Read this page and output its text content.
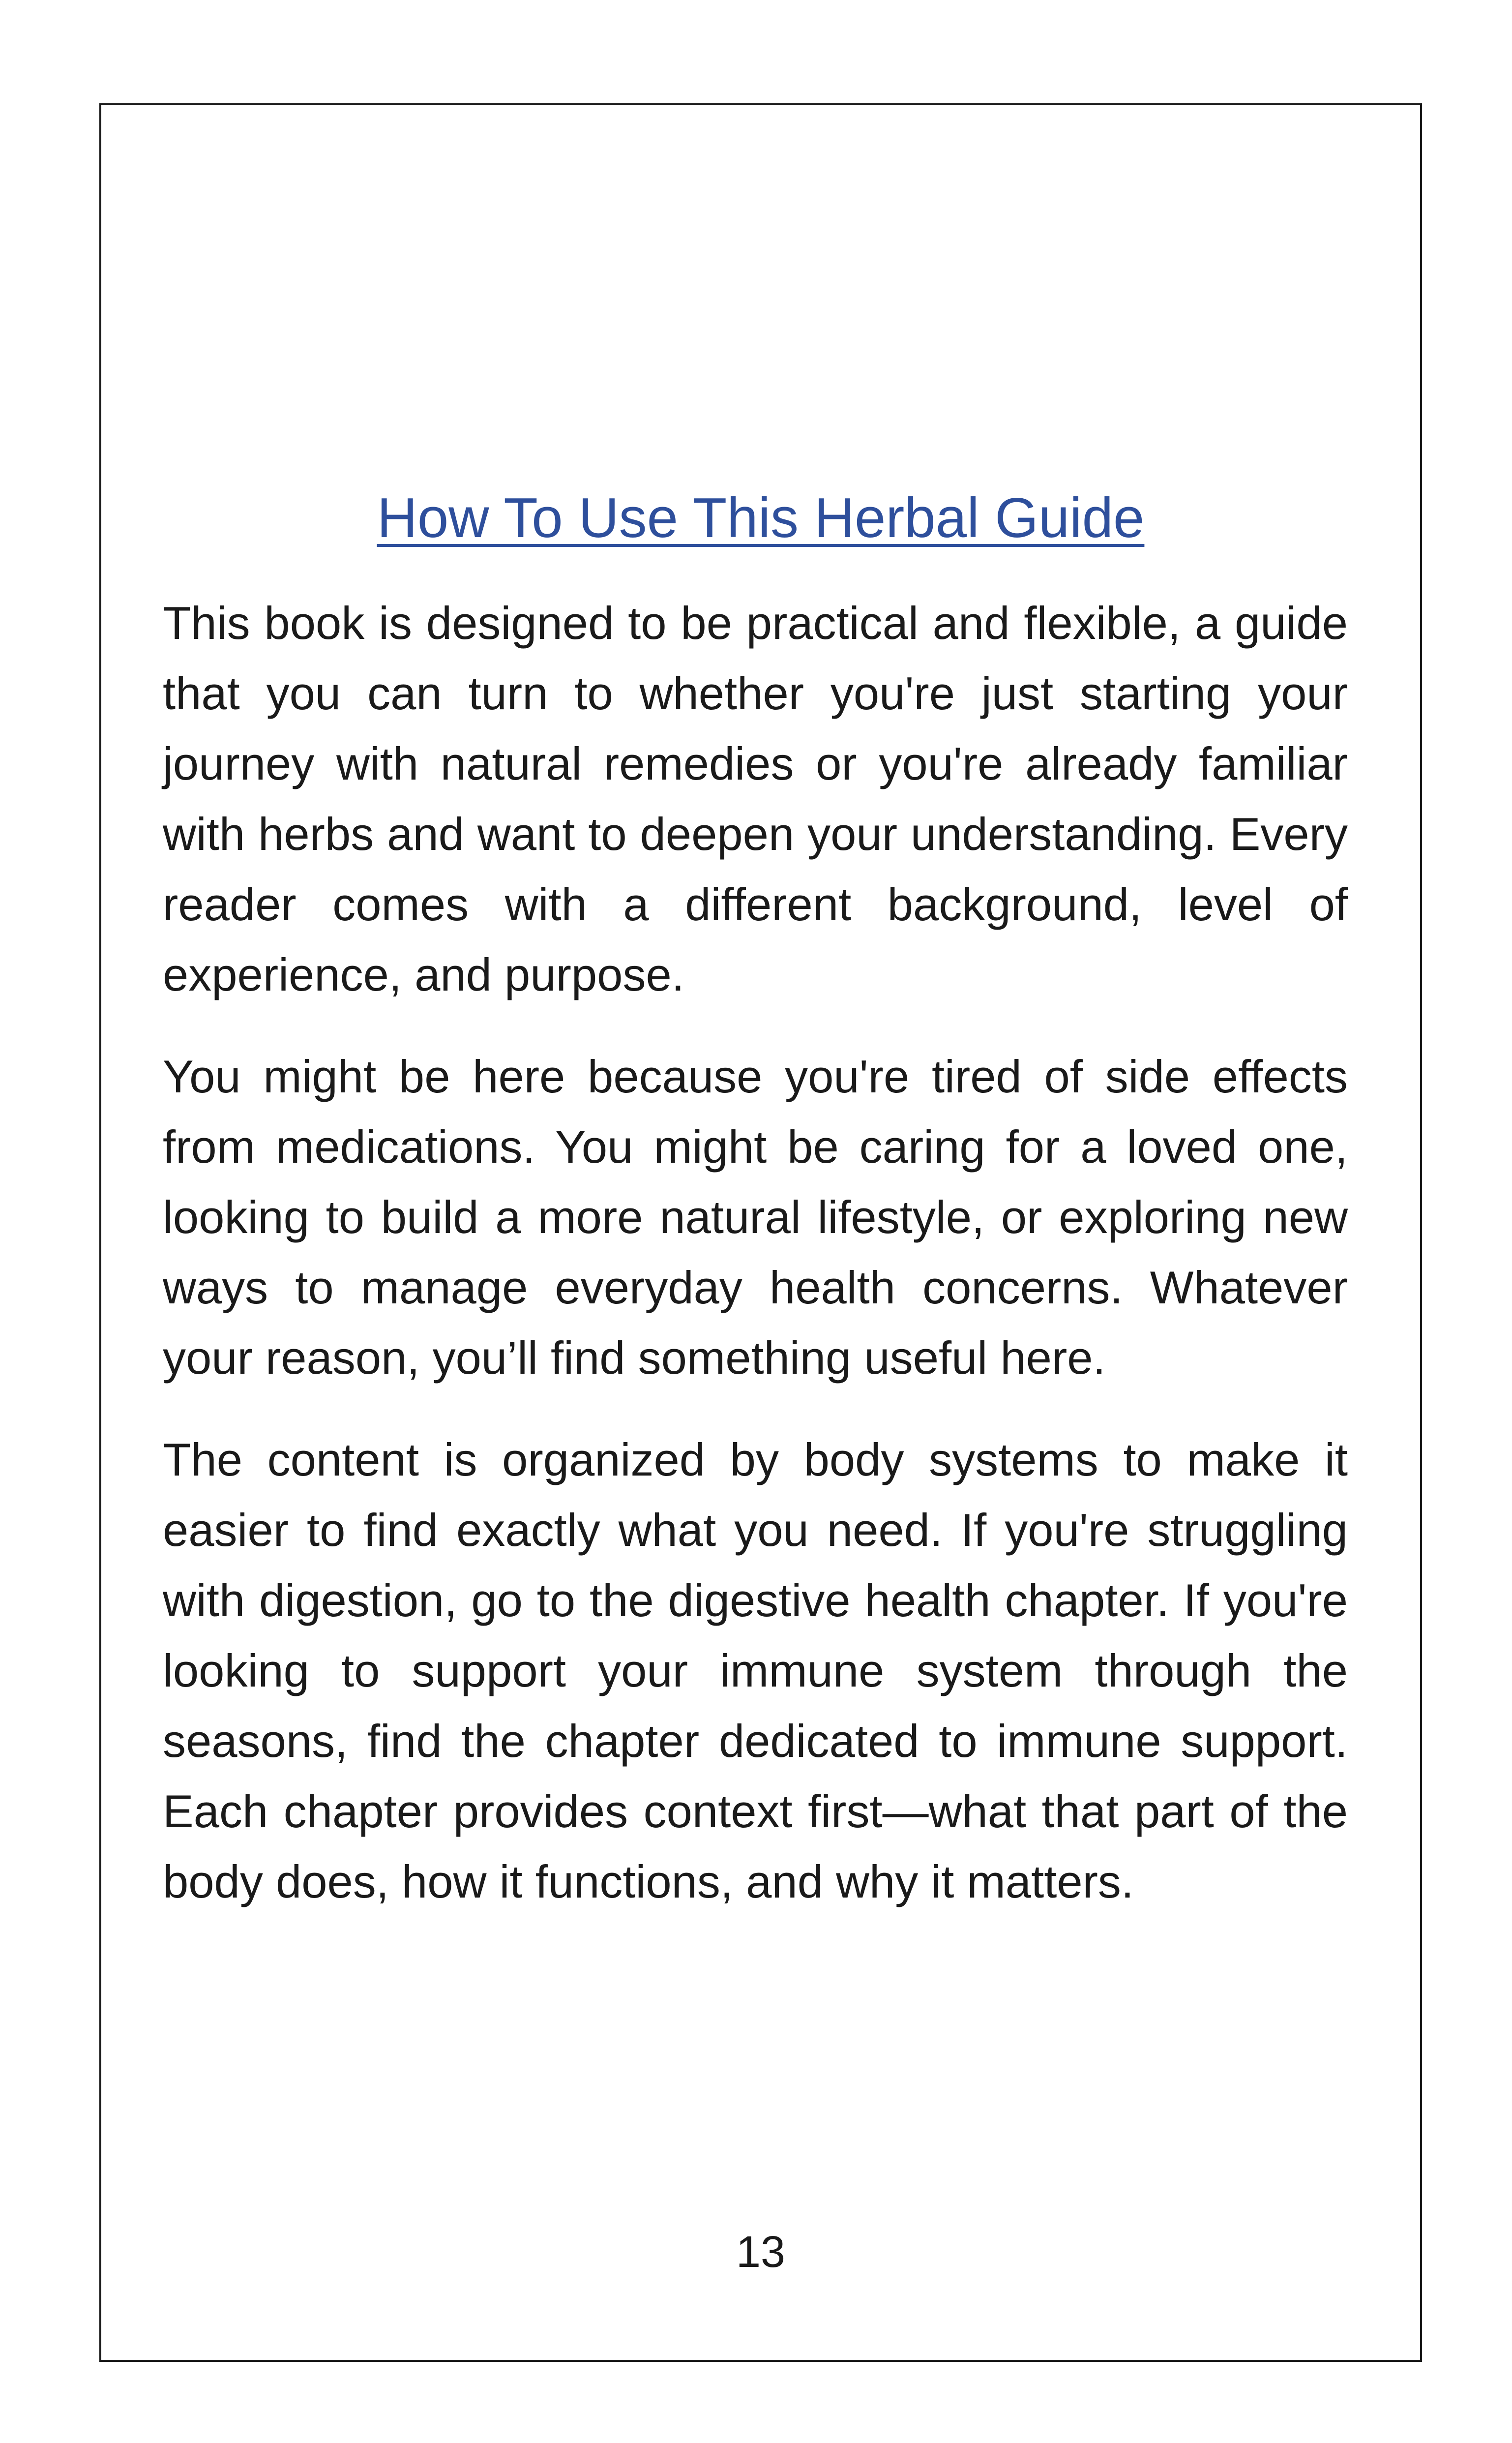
How To Use This Herbal Guide

This book is designed to be practical and flexible, a guide that you can turn to whether you're just starting your journey with natural remedies or you're already familiar with herbs and want to deepen your understanding. Every reader comes with a different background, level of experience, and purpose.

You might be here because you're tired of side effects from medications. You might be caring for a loved one, looking to build a more natural lifestyle, or exploring new ways to manage everyday health concerns. Whatever your reason, you’ll find something useful here.

The content is organized by body systems to make it easier to find exactly what you need. If you're struggling with digestion, go to the digestive health chapter. If you're looking to support your immune system through the seasons, find the chapter dedicated to immune support. Each chapter provides context first—what that part of the body does, how it functions, and why it matters.

13
